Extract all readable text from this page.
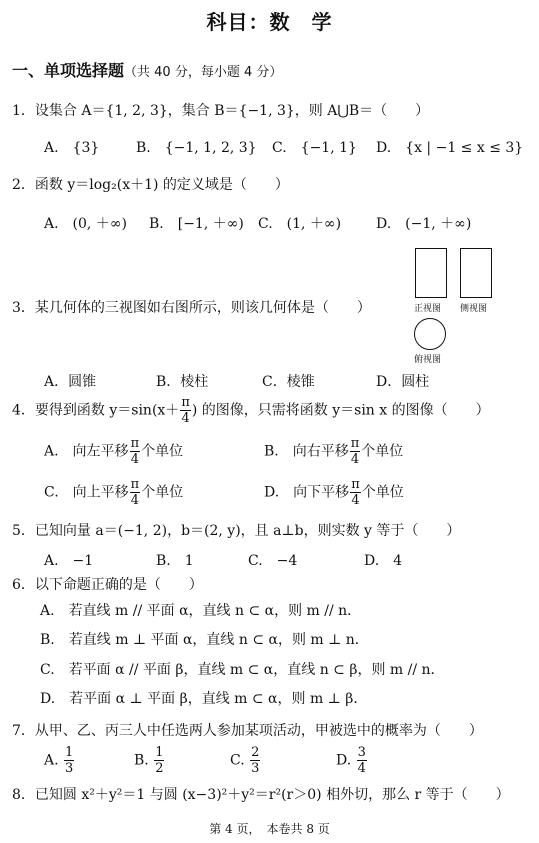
科目：数　学
一、单项选择题（共 40 分，每小题 4 分）
1．设集合 A＝{1, 2, 3}，集合 B＝{−1, 3}，则 A⋃B＝（　　）
A.　{3}	B.　{−1, 1, 2, 3} C.　{−1, 1} D.　{x | −1 ≤ x ≤ 3}
2．函数 y＝log₂(x＋1) 的定义域是（　　）
A.　(0, ＋∞) B.　[−1, ＋∞) C.　(1, ＋∞) D.　(−1, ＋∞)
3．某几何体的三视图如右图所示，则该几何体是（　　）	正视图 侧视图
俯视图
A．圆锥	B．棱柱	C．棱锥	D．圆柱
4．要得到函数 $y=\sin(x+ \frac{\pi}{4}$ ) 的图像，只需将函数 y＝sin x 的图像（　　）
A.　向左平移 $\frac{\pi}{4}$ 个单位	B.　向右平移 $\frac{\pi}{4}$ 个单位
C.　向上平移 $\frac{\pi}{4}$ 个单位	D.　向下平移 $\frac{\pi}{4}$ 个单位
5．已知向量 a＝(−1, 2)，b＝(2, y)，且 a⊥b，则实数 y 等于（　　）
A.　−1	B.　1	C.　−4	D.　4
6．以下命题正确的是（　　）
A.　若直线 m // 平面 α，直线 n ⊂ α，则 m // n．
B.　若直线 m ⊥ 平面 α，直线 n ⊂ α，则 m ⊥ n．
C.　若平面 α // 平面 β，直线 m ⊂ α，直线 n ⊂ β，则 m // n．
D.　若平面 α ⊥ 平面 β，直线 m ⊂ α，则 m ⊥ β．
7．从甲、乙、丙三人中任选两人参加某项活动，甲被选中的概率为（　　）
A. $\frac{1}{3}$	B. $\frac{1}{2}$	C. $\frac{2}{3}$	D. $\frac{3}{4}$
8．已知圆 x²＋y²＝1 与圆 (x−3)²＋y²＝r²(r＞0) 相外切，那么 r 等于（　　）
第 4 页，　本卷共 8 页
